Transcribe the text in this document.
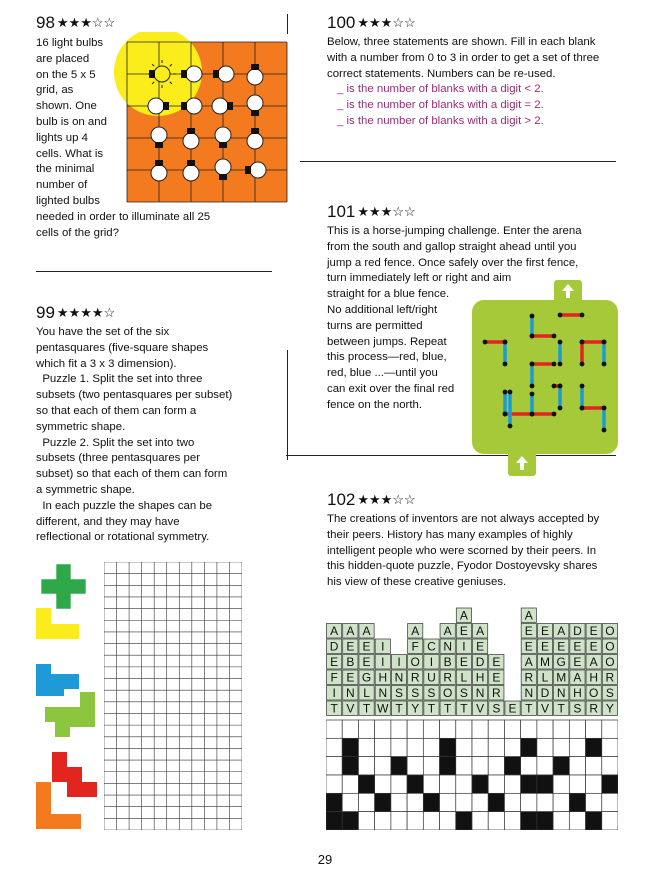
98 ★★★☆☆

16 light bulbs

are placed

on the 5 x 5

grid, as

shown. One

bulb is on and

lights up 4

cells. What is

the minimal

number of

lighted bulbs

needed in order to illuminate all 25

cells of the grid?

99 ★★★★☆

You have the set of the six

pentasquares (five-square shapes

which fit a 3 x 3 dimension).

Puzzle 1. Split the set into three

subsets (two pentasquares per subset)

so that each of them can form a

symmetric shape.

Puzzle 2. Split the set into two

subsets (three pentasquares per

subset) so that each of them can form

a symmetric shape.

In each puzzle the shapes can be

different, and they may have

reflectional or rotational symmetry.

100 ★★★☆☆

Below, three statements are shown. Fill in each blank

with a number from 0 to 3 in order to get a set of three

correct statements. Numbers can be re-used.

_ is the number of blanks with a digit < 2.

_ is the number of blanks with a digit = 2.

_ is the number of blanks with a digit > 2.

101 ★★★☆☆

This is a horse-jumping challenge. Enter the arena

from the south and gallop straight ahead until you

jump a red fence. Once safely over the first fence,

turn immediately left or right and aim

straight for a blue fence.

No additional left/right

turns are permitted

between jumps. Repeat

this process—red, blue,

red, blue ...—until you

can exit over the final red

fence on the north.

102 ★★★☆☆

The creations of inventors are not always accepted by

their peers. History has many examples of highly

intelligent people who were scorned by their peers. In

this hidden-quote puzzle, Fyodor Dostoyevsky shares

his view of these creative geniuses.

A
D
E
F
I
T
A
E
B
E
N
V
A
E
E
G
L
T
I
I
H
N
W
I
N
S
T
A
F
O
R
S
Y
C
I
U
S
T
A
N
B
R
O
T
A
E
I
E
L
S
T
A
E
D
H
N
V
E
E
R
S E
A
E
E
A
R
N
T
E
E
M
L
D
V
A
E
G
M
N
T
D
E
E
A
H
S
E
E
A
H
O
R
O
O
O
R
S
Y
29
